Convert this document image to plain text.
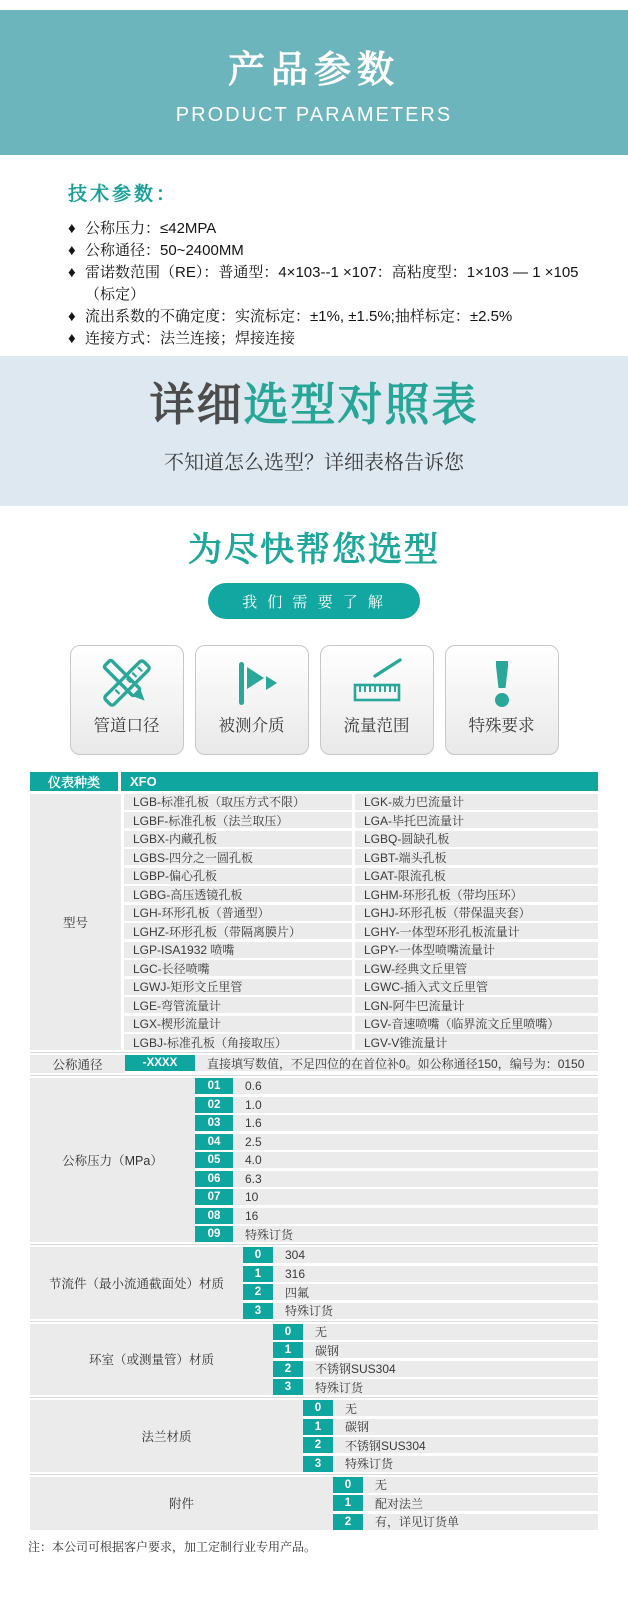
产品参数
PRODUCT PARAMETERS
技术参数：
♦ 公称压力：≤42MPA
♦ 公称通径：50~2400MM
♦ 雷诺数范围（RE）：普通型：4×103--1 ×107：高粘度型：1×103 — 1 ×105（标定）
♦ 流出系数的不确定度：实流标定：±1%, ±1.5%;抽样标定：±2.5%
♦ 连接方式：法兰连接；焊接连接
详细选型对照表
不知道怎么选型？详细表格告诉您
为尽快帮您选型
我 们 需 要 了 解
管道口径	被测介质	流量范围	特殊要求
仪表种类	XFO
型号
LGB-标准孔板（取压方式不限）	LGK-威力巴流量计
LGBF-标准孔板（法兰取压）	LGA-毕托巴流量计
LGBX-内藏孔板	LGBQ-圆缺孔板
LGBS-四分之一圆孔板	LGBT-端头孔板
LGBP-偏心孔板	LGAT-限流孔板
LGBG-高压透镜孔板	LGHM-环形孔板（带均压环）
LGH-环形孔板（普通型）	LGHJ-环形孔板（带保温夹套）
LGHZ-环形孔板（带隔离膜片）	LGHY-一体型环形孔板流量计
LGP-ISA1932 喷嘴	LGPY-一体型喷嘴流量计
LGC-长径喷嘴	LGW-经典文丘里管
LGWJ-矩形文丘里管	LGWC-插入式文丘里管
LGE-弯管流量计	LGN-阿牛巴流量计
LGX-楔形流量计	LGV-音速喷嘴（临界流文丘里喷嘴）
LGBJ-标准孔板（角接取压）	LGV-V锥流量计
公称通径	-XXXX	直接填写数值，不足四位的在首位补0。如公称通径150，编号为：0150
公称压力（MPa）
01	0.6
02	1.0
03	1.6
04	2.5
05	4.0
06	6.3
07	10
08	16
09	特殊订货
节流件（最小流通截面处）材质
0	304
1	316
2	四氟
3	特殊订货
环室（或测量管）材质
0	无
1	碳钢
2	不锈钢SUS304
3	特殊订货
法兰材质
0	无
1	碳钢
2	不锈钢SUS304
3	特殊订货
附件
0	无
1	配对法兰
2	有，详见订货单
注：本公司可根据客户要求，加工定制行业专用产品。
